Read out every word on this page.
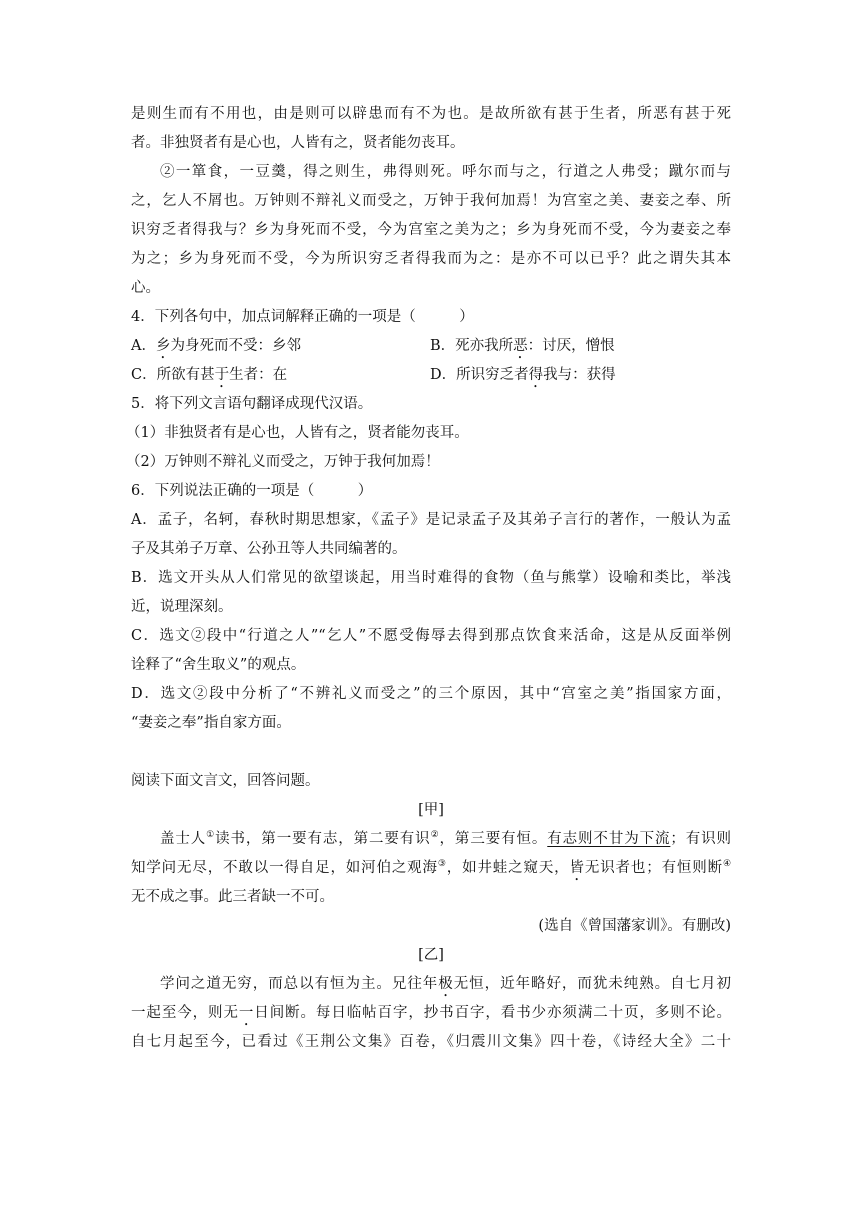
是则生而有不用也，由是则可以辟患而有不为也。是故所欲有甚于生者，所恶有甚于死
者。非独贤者有是心也，人皆有之，贤者能勿丧耳。
②一箪食，一豆羹，得之则生，弗得则死。呼尔而与之，行道之人弗受；蹴尔而与
之，乞人不屑也。万钟则不辩礼义而受之，万钟于我何加焉！为宫室之美、妻妾之奉、所
识穷乏者得我与？乡为身死而不受，今为宫室之美为之；乡为身死而不受，今为妻妾之奉
为之；乡为身死而不受，今为所识穷乏者得我而为之：是亦不可以已乎？此之谓失其本
心。
4．下列各句中，加点词解释正确的一项是（　　　）
A．乡为身死而不受：乡邻	B．死亦我所恶：讨厌，憎恨
C．所欲有甚于生者：在	D．所识穷乏者得我与：获得
5．将下列文言语句翻译成现代汉语。
（1）非独贤者有是心也，人皆有之，贤者能勿丧耳。
（2）万钟则不辩礼义而受之，万钟于我何加焉！
6．下列说法正确的一项是（　　　）
A．孟子，名轲，春秋时期思想家，《孟子》是记录孟子及其弟子言行的著作，一般认为孟
子及其弟子万章、公孙丑等人共同编著的。
B．选文开头从人们常见的欲望谈起，用当时难得的食物（鱼与熊掌）设喻和类比，举浅
近，说理深刻。
C．选文②段中“行道之人”“乞人”不愿受侮辱去得到那点饮食来活命，这是从反面举例
诠释了“舍生取义”的观点。
D．选文②段中分析了“不辨礼义而受之”的三个原因，其中“宫室之美”指国家方面，
“妻妾之奉”指自家方面。
阅读下面文言文，回答问题。
[甲]
盖士人①读书，第一要有志，第二要有识②，第三要有恒。有志则不甘为下流；有识则
知学问无尽，不敢以一得自足，如河伯之观海③，如井蛙之窥天，皆无识者也；有恒则断④
无不成之事。此三者缺一不可。
(选自《曾国藩家训》。有删改)
[乙]
学问之道无穷，而总以有恒为主。兄往年极无恒，近年略好，而犹未纯熟。自七月初
一起至今，则无一日间断。每日临帖百字，抄书百字，看书少亦须满二十页，多则不论。
自七月起至今，已看过《王荆公文集》百卷，《归震川文集》四十卷，《诗经大全》二十
